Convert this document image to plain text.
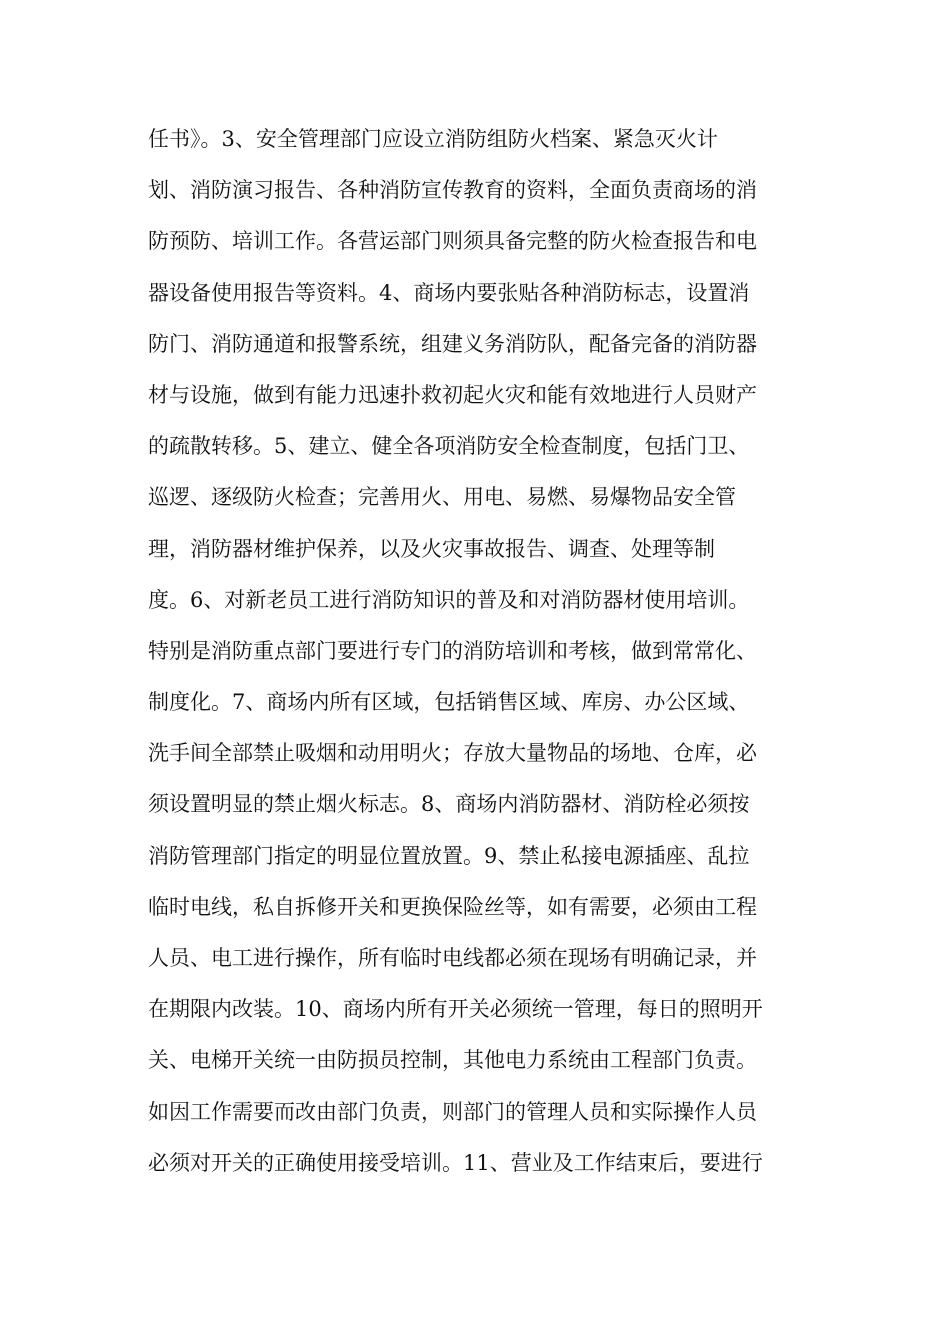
任书》。3、安全管理部门应设立消防组防火档案、紧急灭火计
划、消防演习报告、各种消防宣传教育的资料，全面负责商场的消
防预防、培训工作。各营运部门则须具备完整的防火检查报告和电
器设备使用报告等资料。4、商场内要张贴各种消防标志，设置消
防门、消防通道和报警系统，组建义务消防队，配备完备的消防器
材与设施，做到有能力迅速扑救初起火灾和能有效地进行人员财产
的疏散转移。5、建立、健全各项消防安全检查制度，包括门卫、
巡逻、逐级防火检查；完善用火、用电、易燃、易爆物品安全管
理，消防器材维护保养，以及火灾事故报告、调查、处理等制
度。6、对新老员工进行消防知识的普及和对消防器材使用培训。
特别是消防重点部门要进行专门的消防培训和考核，做到常常化、
制度化。7、商场内所有区域，包括销售区域、库房、办公区域、
洗手间全部禁止吸烟和动用明火；存放大量物品的场地、仓库，必
须设置明显的禁止烟火标志。8、商场内消防器材、消防栓必须按
消防管理部门指定的明显位置放置。9、禁止私接电源插座、乱拉
临时电线，私自拆修开关和更换保险丝等，如有需要，必须由工程
人员、电工进行操作，所有临时电线都必须在现场有明确记录，并
在期限内改装。10、商场内所有开关必须统一管理，每日的照明开
关、电梯开关统一由防损员控制，其他电力系统由工程部门负责。
如因工作需要而改由部门负责，则部门的管理人员和实际操作人员
必须对开关的正确使用接受培训。11、营业及工作结束后，要进行
